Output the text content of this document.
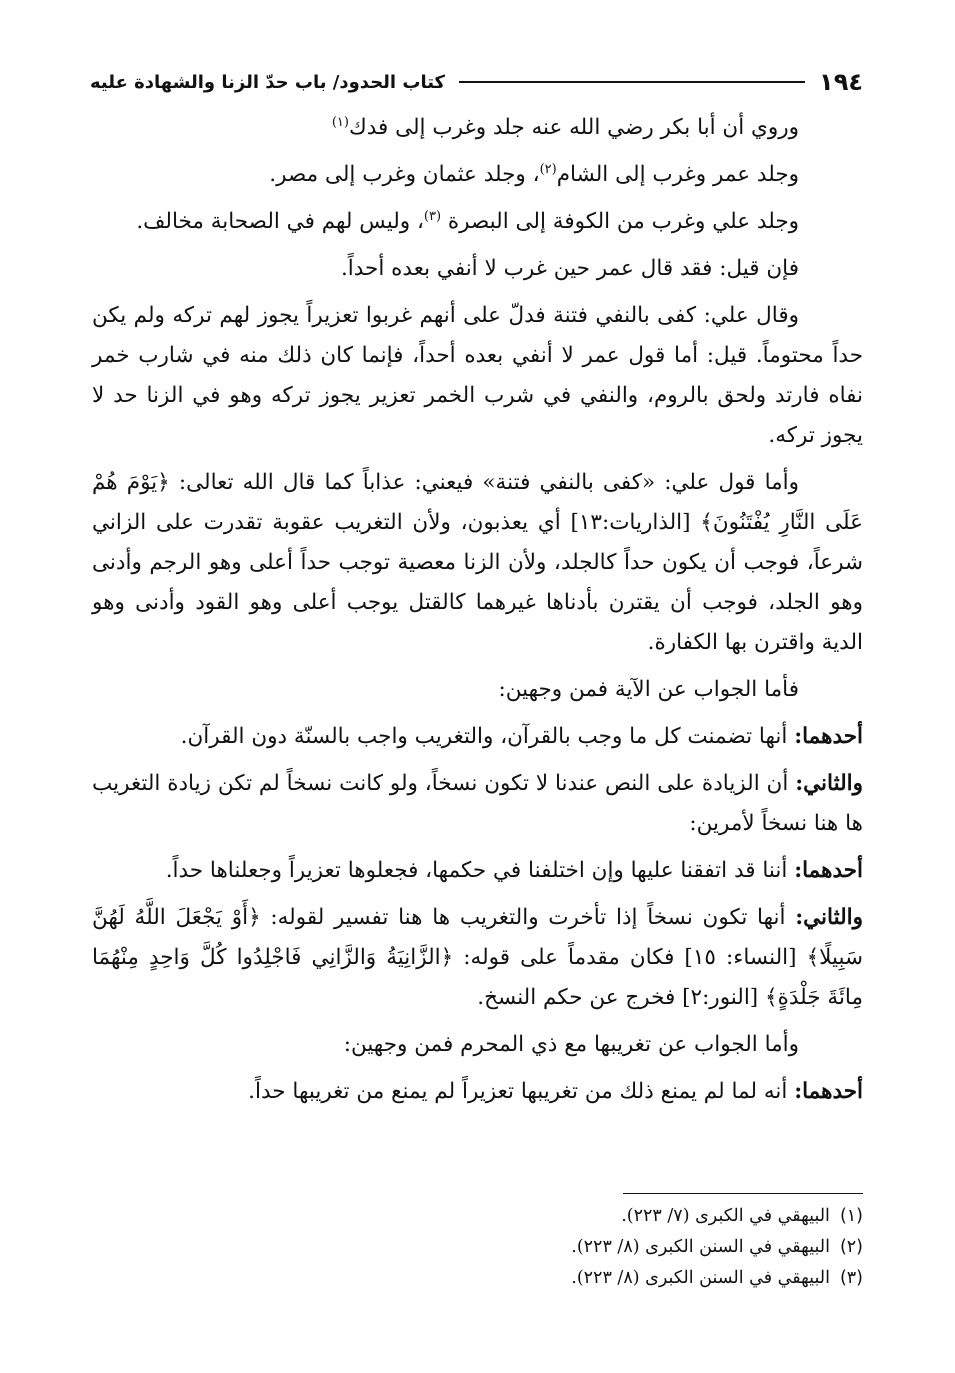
١٩٤
كتاب الحدود/ باب حدّ الزنا والشهادة عليه

وروي أن أبا بكر رضي الله عنه جلد وغرب إلى فدك$^{(١)}$

وجلد عمر وغرب إلى الشام$^{(٢)}$، وجلد عثمان وغرب إلى مصر.

وجلد علي وغرب من الكوفة إلى البصرة $^{(٣)}$، وليس لهم في الصحابة مخالف.

فإن قيل: فقد قال عمر حين غرب لا أنفي بعده أحداً.

وقال علي: كفى بالنفي فتنة فدلّ على أنهم غربوا تعزيراً يجوز لهم تركه ولم يكن حداً محتوماً. قيل: أما قول عمر لا أنفي بعده أحداً، فإنما كان ذلك منه في شارب خمر نفاه فارتد ولحق بالروم، والنفي في شرب الخمر تعزير يجوز تركه وهو في الزنا حد لا يجوز تركه.

وأما قول علي: «كفى بالنفي فتنة» فيعني: عذاباً كما قال الله تعالى: ﴿يَوْمَ هُمْ عَلَى النَّارِ يُفْتَنُونَ﴾ [الذاريات:١٣] أي يعذبون، ولأن التغريب عقوبة تقدرت على الزاني شرعاً، فوجب أن يكون حداً كالجلد، ولأن الزنا معصية توجب حداً أعلى وهو الرجم وأدنى وهو الجلد، فوجب أن يقترن بأدناها غيرهما كالقتل يوجب أعلى وهو القود وأدنى وهو الدية واقترن بها الكفارة.

فأما الجواب عن الآية فمن وجهين:

أحدهما: أنها تضمنت كل ما وجب بالقرآن، والتغريب واجب بالسنّة دون القرآن.

والثاني: أن الزيادة على النص عندنا لا تكون نسخاً، ولو كانت نسخاً لم تكن زيادة التغريب ها هنا نسخاً لأمرين:

أحدهما: أننا قد اتفقنا عليها وإن اختلفنا في حكمها، فجعلوها تعزيراً وجعلناها حداً.

والثاني: أنها تكون نسخاً إذا تأخرت والتغريب ها هنا تفسير لقوله: ﴿أَوْ يَجْعَلَ اللَّهُ لَهُنَّ سَبِيلًا﴾ [النساء: ١٥] فكان مقدماً على قوله: ﴿الزَّانِيَةُ وَالزَّانِي فَاجْلِدُوا كُلَّ وَاحِدٍ مِنْهُمَا مِائَةَ جَلْدَةٍ﴾ [النور:٢] فخرج عن حكم النسخ.

وأما الجواب عن تغريبها مع ذي المحرم فمن وجهين:

أحدهما: أنه لما لم يمنع ذلك من تغريبها تعزيراً لم يمنع من تغريبها حداً.

(١)
البيهقي في الكبرى (٧/ ٢٢٣).
(٢)
البيهقي في السنن الكبرى (٨/ ٢٢٣).
(٣)
البيهقي في السنن الكبرى (٨/ ٢٢٣).
